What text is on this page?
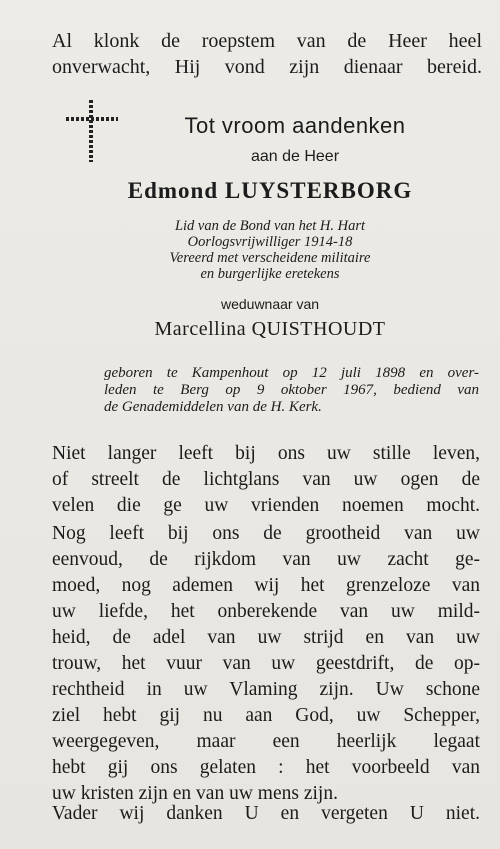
Al klonk de roepstem van de Heer heel
onverwacht, Hij vond zijn dienaar bereid.
Tot vroom aandenken
aan de Heer
Edmond LUYSTERBORG
Lid van de Bond van het H. Hart
Oorlogsvrijwilliger 1914-18
Vereerd met verscheidene militaire
en burgerlijke eretekens
weduwnaar van
Marcellina QUISTHOUDT
geboren te Kampenhout op 12 juli 1898 en over-
leden te Berg op 9 oktober 1967, bediend van
de Genademiddelen van de H. Kerk.
Niet langer leeft bij ons uw stille leven,
of streelt de lichtglans van uw ogen de
velen die ge uw vrienden noemen mocht.
Nog leeft bij ons de grootheid van uw
eenvoud, de rijkdom van uw zacht ge-
moed, nog ademen wij het grenzeloze van
uw liefde, het onberekende van uw mild-
heid, de adel van uw strijd en van uw
trouw, het vuur van uw geestdrift, de op-
rechtheid in uw Vlaming zijn. Uw schone
ziel hebt gij nu aan God, uw Schepper,
weergegeven, maar een heerlijk legaat
hebt gij ons gelaten : het voorbeeld van
uw kristen zijn en van uw mens zijn.
Vader wij danken U en vergeten U niet.
